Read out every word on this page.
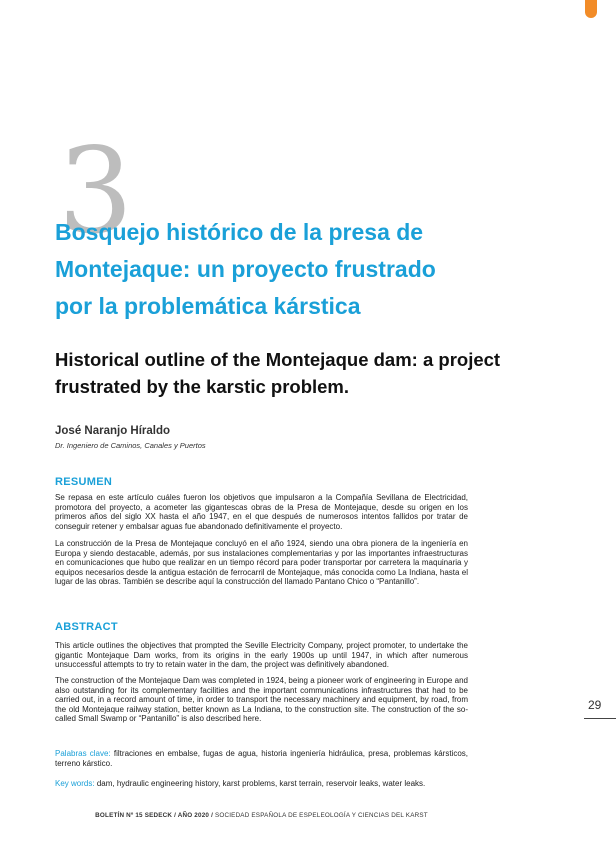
3
Bosquejo histórico de la presa de Montejaque: un proyecto frustrado por la problemática kárstica
Historical outline of the Montejaque dam: a project frustrated by the karstic problem.
José Naranjo Híraldo
Dr. Ingeniero de Caminos, Canales y Puertos
RESUMEN

Se repasa en este artículo cuáles fueron los objetivos que impulsaron a la Compañía Sevillana de Electricidad, promotora del proyecto, a acometer las gigantescas obras de la Presa de Montejaque, desde su origen en los primeros años del siglo XX hasta el año 1947, en el que después de numerosos intentos fallidos por tratar de conseguir retener y embalsar aguas fue abandonado definitivamente el proyecto.

La construcción de la Presa de Montejaque concluyó en el año 1924, siendo una obra pionera de la ingeniería en Europa y siendo destacable, además, por sus instalaciones complementarias y por las importantes infraestructuras en comunicaciones que hubo que realizar en un tiempo récord para poder transportar por carretera la maquinaria y equipos necesarios desde la antigua estación de ferrocarril de Montejaque, más conocida como La Indiana, hasta el lugar de las obras. También se describe aquí la construcción del llamado Pantano Chico o “Pantanillo”.

ABSTRACT

This article outlines the objectives that prompted the Seville Electricity Company, project promoter, to undertake the gigantic Montejaque Dam works, from its origins in the early 1900s up until 1947, in which after numerous unsuccessful attempts to try to retain water in the dam, the project was definitively abandoned.

The construction of the Montejaque Dam was completed in 1924, being a pioneer work of engineering in Europe and also outstanding for its complementary facilities and the important communications infrastructures that had to be carried out, in a record amount of time, in order to transport the necessary machinery and equipment, by road, from the old Montejaque railway station, better known as La Indiana, to the construction site. The construction of the so-called Small Swamp or “Pantanillo” is also described here.

29

Palabras clave: filtraciones en embalse, fugas de agua, historia ingeniería hidráulica, presa, problemas kársticos, terreno kárstico.

Key words: dam, hydraulic engineering history, karst problems, karst terrain, reservoir leaks, water leaks.

BOLETÍN Nº 15 SEDECK / AÑO 2020 / SOCIEDAD ESPAÑOLA DE ESPELEOLOGÍA Y CIENCIAS DEL KARST
